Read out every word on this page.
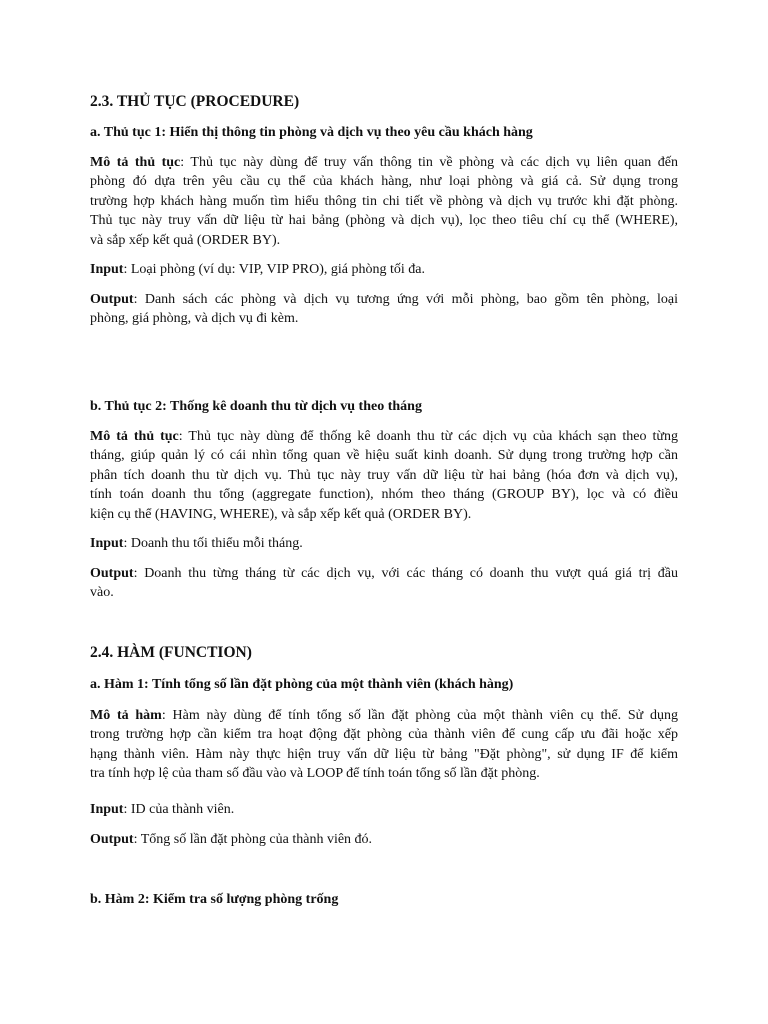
2.3. THỦ TỤC (PROCEDURE)
a. Thủ tục 1: Hiển thị thông tin phòng và dịch vụ theo yêu cầu khách hàng
Mô tả thủ tục: Thủ tục này dùng để truy vấn thông tin về phòng và các dịch vụ liên quan đến
phòng đó dựa trên yêu cầu cụ thể của khách hàng, như loại phòng và giá cả. Sử dụng trong
trường hợp khách hàng muốn tìm hiểu thông tin chi tiết về phòng và dịch vụ trước khi đặt phòng.
Thủ tục này truy vấn dữ liệu từ hai bảng (phòng và dịch vụ), lọc theo tiêu chí cụ thể (WHERE),
và sắp xếp kết quả (ORDER BY).
Input: Loại phòng (ví dụ: VIP, VIP PRO), giá phòng tối đa.
Output: Danh sách các phòng và dịch vụ tương ứng với mỗi phòng, bao gồm tên phòng, loại
phòng, giá phòng, và dịch vụ đi kèm.
b. Thủ tục 2: Thống kê doanh thu từ dịch vụ theo tháng
Mô tả thủ tục: Thủ tục này dùng để thống kê doanh thu từ các dịch vụ của khách sạn theo từng
tháng, giúp quản lý có cái nhìn tổng quan về hiệu suất kinh doanh. Sử dụng trong trường hợp cần
phân tích doanh thu từ dịch vụ. Thủ tục này truy vấn dữ liệu từ hai bảng (hóa đơn và dịch vụ),
tính toán doanh thu tổng (aggregate function), nhóm theo tháng (GROUP BY), lọc và có điều
kiện cụ thể (HAVING, WHERE), và sắp xếp kết quả (ORDER BY).
Input: Doanh thu tối thiểu mỗi tháng.
Output: Doanh thu từng tháng từ các dịch vụ, với các tháng có doanh thu vượt quá giá trị đầu
vào.
2.4. HÀM (FUNCTION)
a. Hàm 1: Tính tổng số lần đặt phòng của một thành viên (khách hàng)
Mô tả hàm: Hàm này dùng để tính tổng số lần đặt phòng của một thành viên cụ thể. Sử dụng
trong trường hợp cần kiểm tra hoạt động đặt phòng của thành viên để cung cấp ưu đãi hoặc xếp
hạng thành viên. Hàm này thực hiện truy vấn dữ liệu từ bảng "Đặt phòng", sử dụng IF để kiểm
tra tính hợp lệ của tham số đầu vào và LOOP để tính toán tổng số lần đặt phòng.
Input: ID của thành viên.
Output: Tổng số lần đặt phòng của thành viên đó.
b. Hàm 2: Kiểm tra số lượng phòng trống
